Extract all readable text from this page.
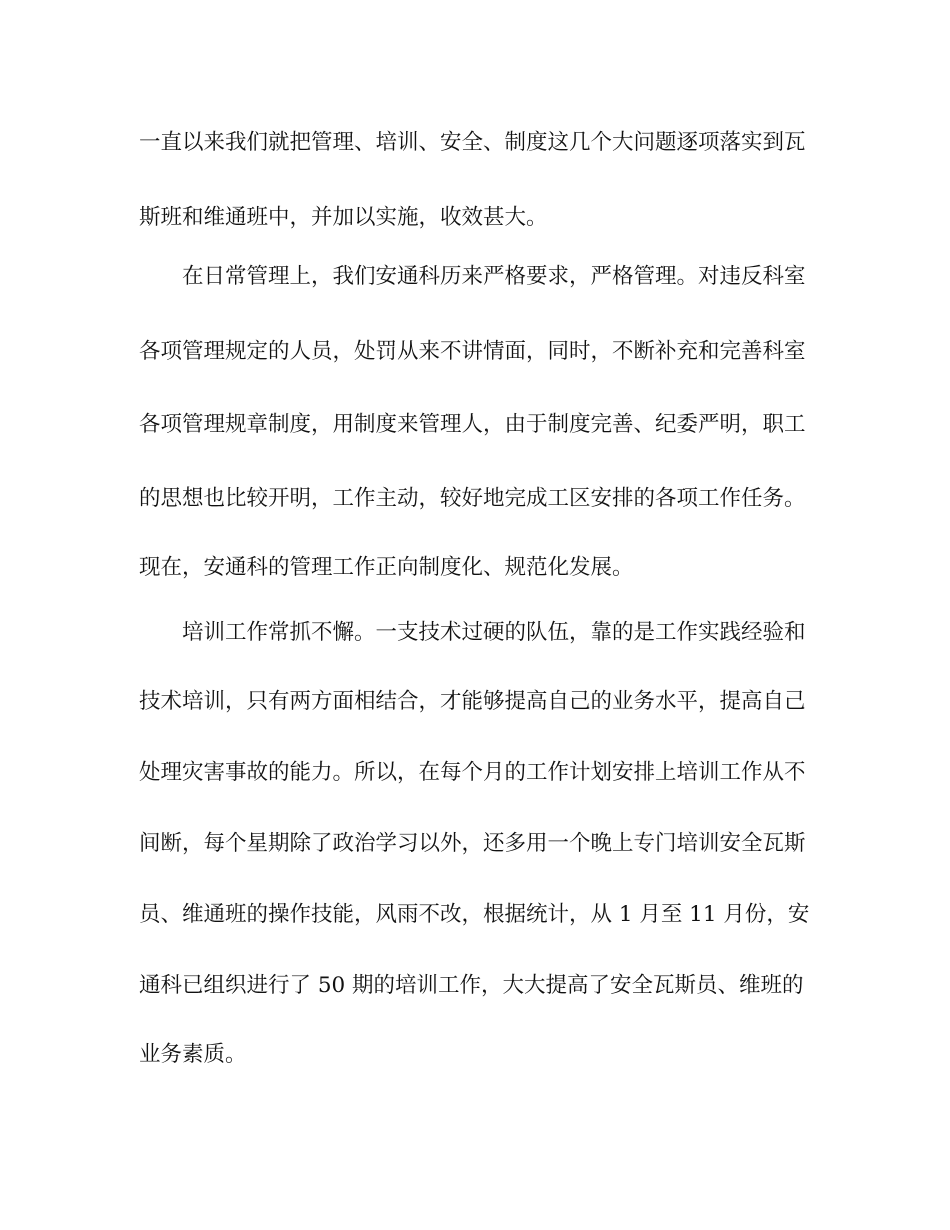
一直以来我们就把管理、培训、安全、制度这几个大问题逐项落实到瓦
斯班和维通班中，并加以实施，收效甚大。
在日常管理上，我们安通科历来严格要求，严格管理。对违反科室
各项管理规定的人员，处罚从来不讲情面，同时，不断补充和完善科室
各项管理规章制度，用制度来管理人，由于制度完善、纪委严明，职工
的思想也比较开明，工作主动，较好地完成工区安排的各项工作任务。
现在，安通科的管理工作正向制度化、规范化发展。
培训工作常抓不懈。一支技术过硬的队伍，靠的是工作实践经验和
技术培训，只有两方面相结合，才能够提高自己的业务水平，提高自己
处理灾害事故的能力。所以，在每个月的工作计划安排上培训工作从不
间断，每个星期除了政治学习以外，还多用一个晚上专门培训安全瓦斯
员、维通班的操作技能，风雨不改，根据统计，从 1 月至 11 月份，安
通科已组织进行了 50 期的培训工作，大大提高了安全瓦斯员、维班的
业务素质。
